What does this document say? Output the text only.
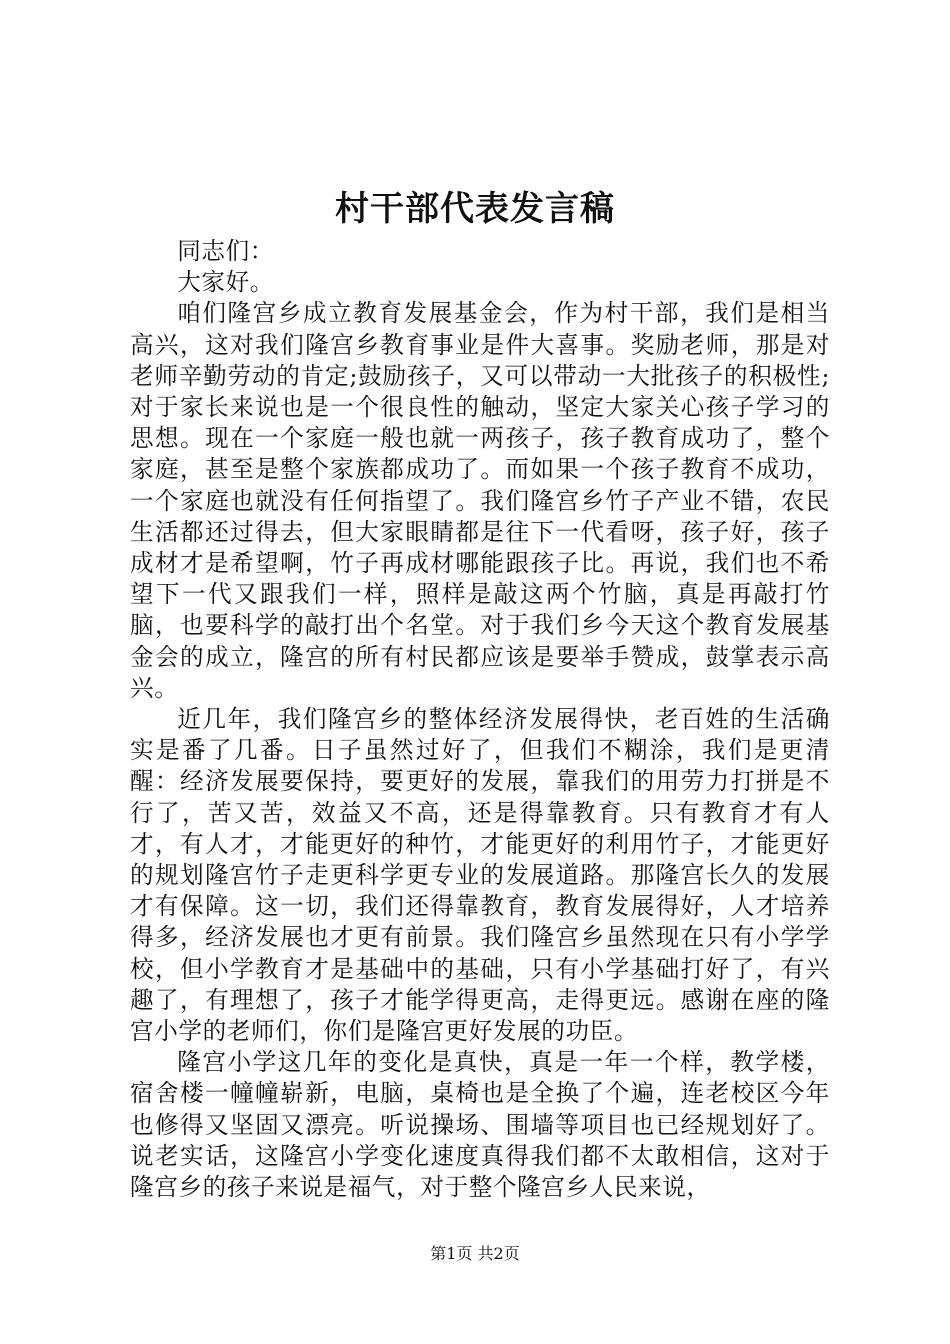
村干部代表发言稿

同志们：

大家好。

咱们隆宫乡成立教育发展基金会，作为村干部，我们是相当高兴，这对我们隆宫乡教育事业是件大喜事。奖励老师，那是对老师辛勤劳动的肯定;鼓励孩子，又可以带动一大批孩子的积极性;对于家长来说也是一个很良性的触动，坚定大家关心孩子学习的思想。现在一个家庭一般也就一两孩子，孩子教育成功了，整个家庭，甚至是整个家族都成功了。而如果一个孩子教育不成功，一个家庭也就没有任何指望了。我们隆宫乡竹子产业不错，农民生活都还过得去，但大家眼睛都是往下一代看呀，孩子好，孩子成材才是希望啊，竹子再成材哪能跟孩子比。再说，我们也不希望下一代又跟我们一样，照样是敲这两个竹脑，真是再敲打竹脑，也要科学的敲打出个名堂。对于我们乡今天这个教育发展基金会的成立，隆宫的所有村民都应该是要举手赞成，鼓掌表示高兴。

近几年，我们隆宫乡的整体经济发展得快，老百姓的生活确实是番了几番。日子虽然过好了，但我们不糊涂，我们是更清醒：经济发展要保持，要更好的发展，靠我们的用劳力打拼是不行了，苦又苦，效益又不高，还是得靠教育。只有教育才有人才，有人才，才能更好的种竹，才能更好的利用竹子，才能更好的规划隆宫竹子走更科学更专业的发展道路。那隆宫长久的发展才有保障。这一切，我们还得靠教育，教育发展得好，人才培养得多，经济发展也才更有前景。我们隆宫乡虽然现在只有小学学校，但小学教育才是基础中的基础，只有小学基础打好了，有兴趣了，有理想了，孩子才能学得更高，走得更远。感谢在座的隆宫小学的老师们，你们是隆宫更好发展的功臣。

隆宫小学这几年的变化是真快，真是一年一个样，教学楼，宿舍楼一幢幢崭新，电脑，桌椅也是全换了个遍，连老校区今年也修得又坚固又漂亮。听说操场、围墙等项目也已经规划好了。说老实话，这隆宫小学变化速度真得我们都不太敢相信，这对于隆宫乡的孩子来说是福气，对于整个隆宫乡人民来说，

第1页 共2页
